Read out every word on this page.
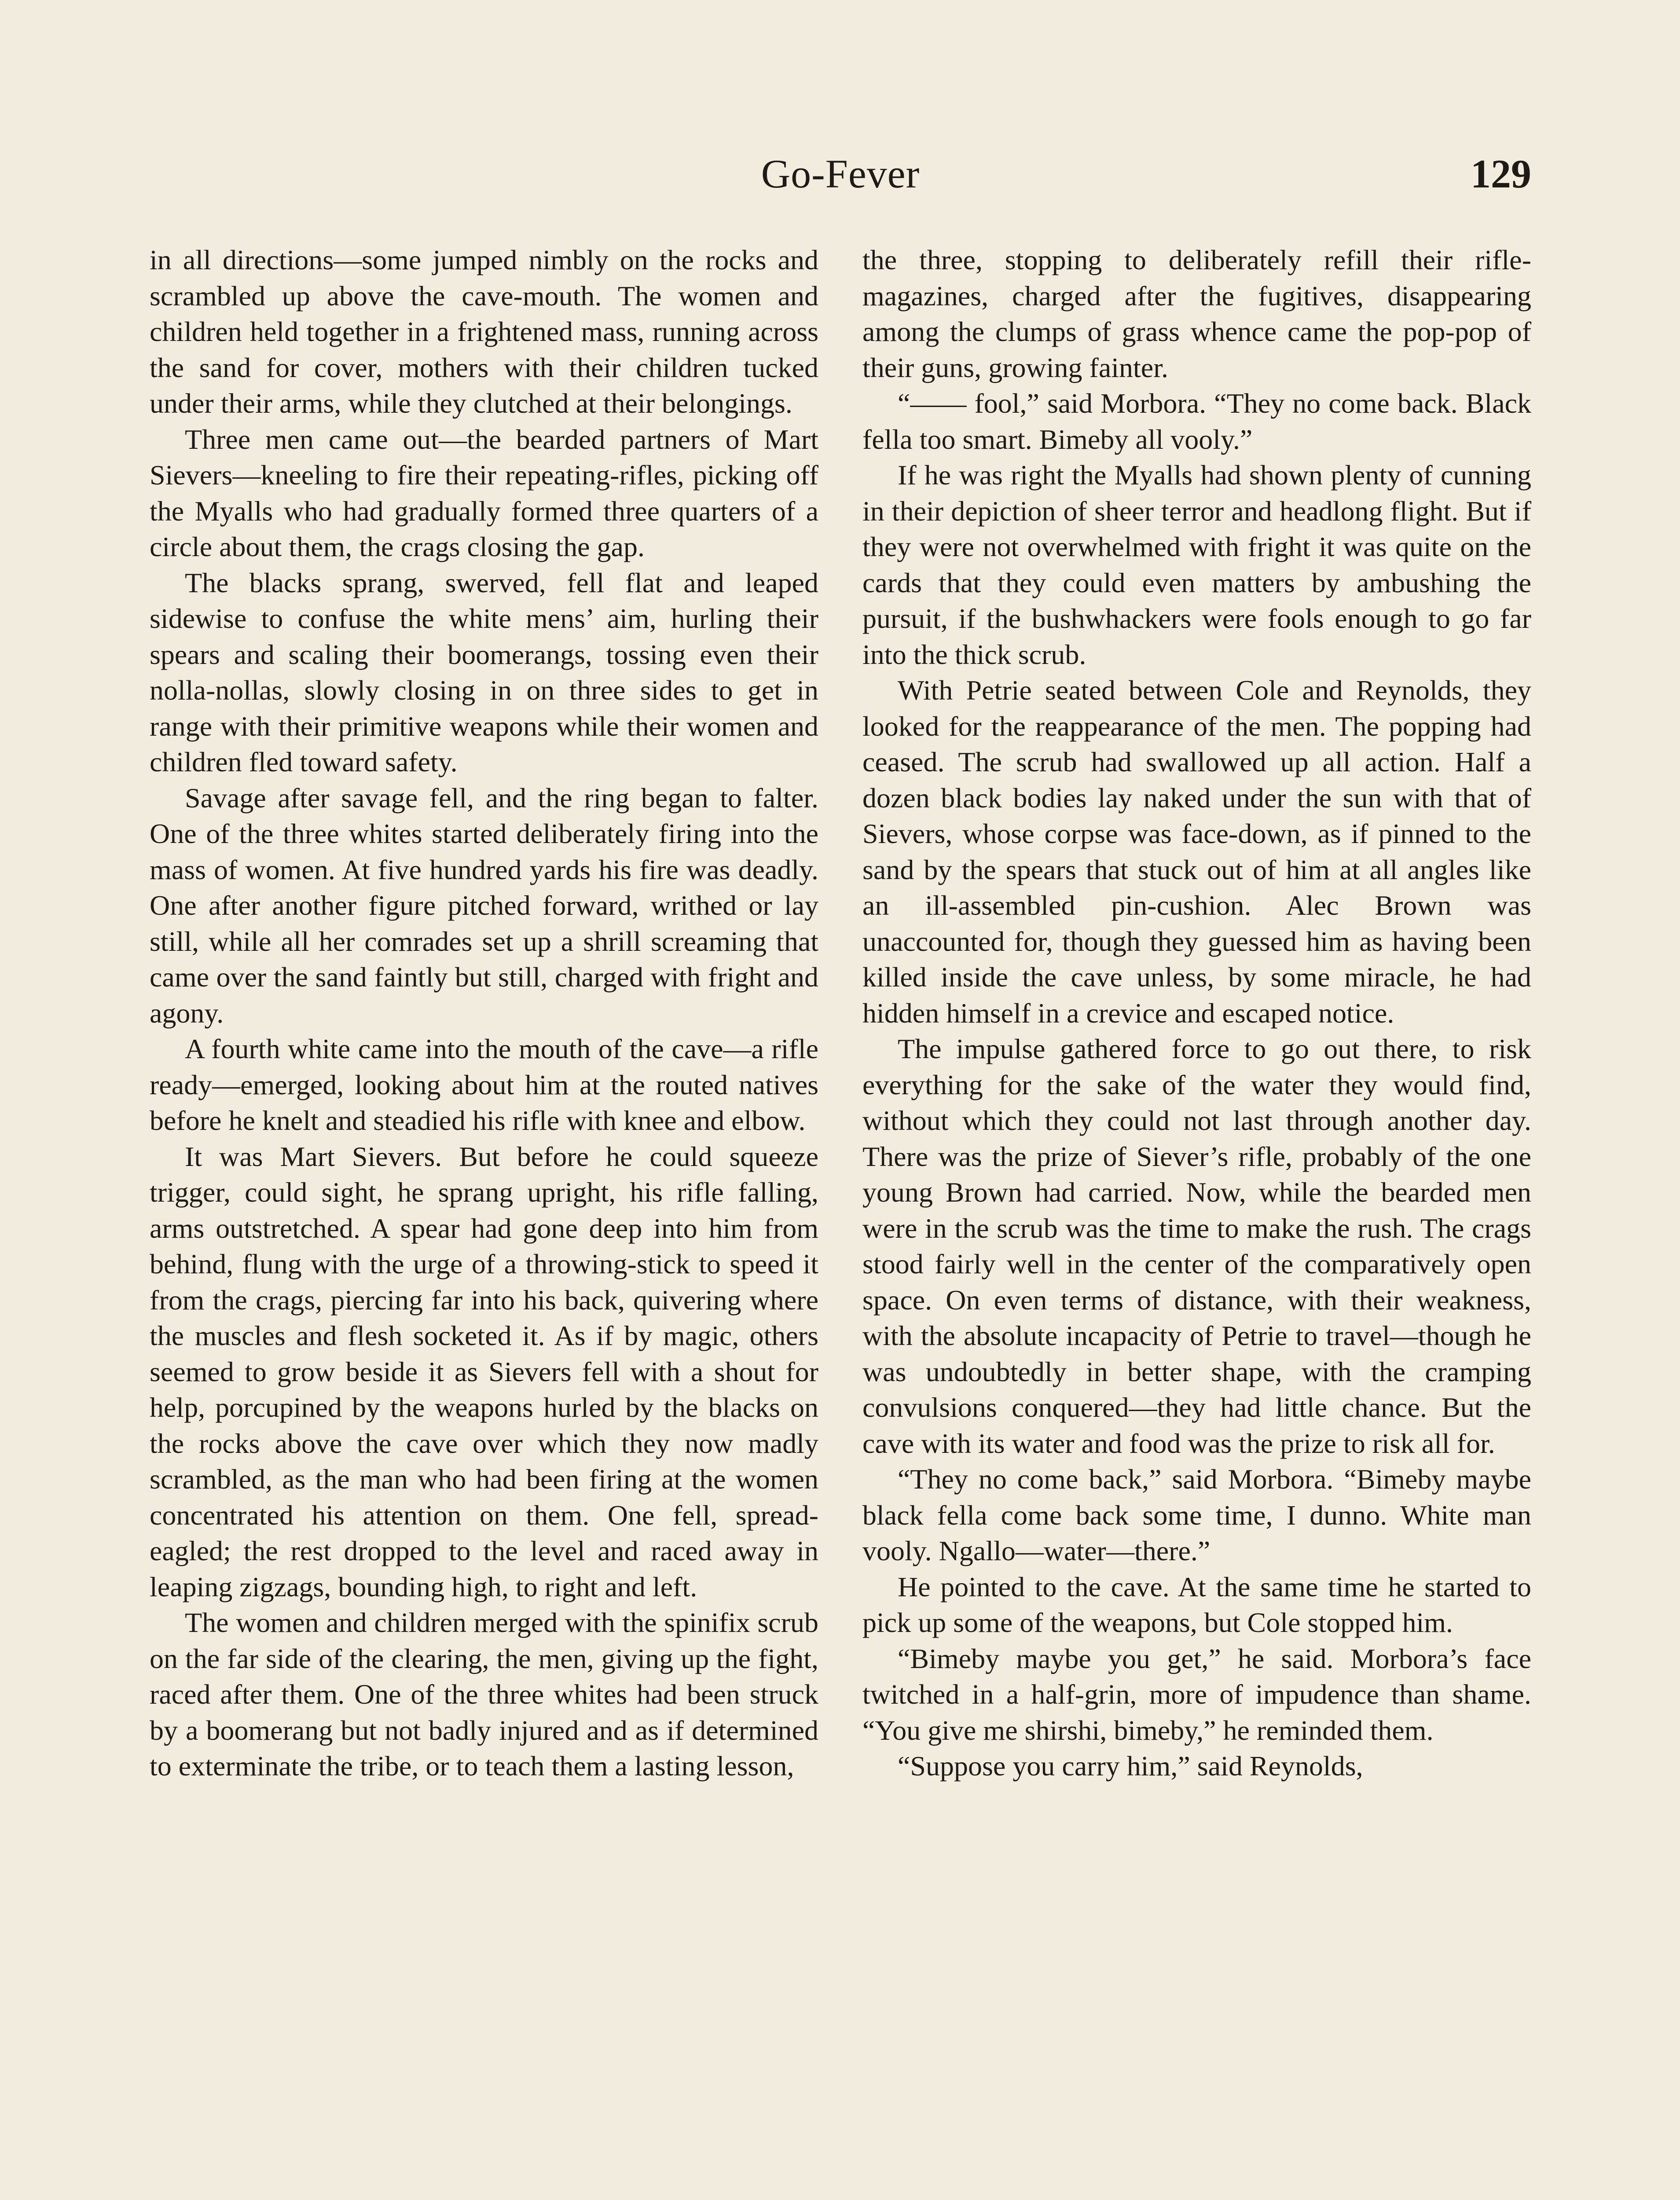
Go-Fever	129

in all directions—some jumped nimbly on the rocks and scrambled up above the cave-mouth. The women and children held together in a frightened mass, running across the sand for cover, mothers with their children tucked under their arms, while they clutched at their belongings.

Three men came out—the bearded partners of Mart Sievers—kneeling to fire their repeating-rifles, picking off the Myalls who had gradually formed three quarters of a circle about them, the crags closing the gap.

The blacks sprang, swerved, fell flat and leaped sidewise to confuse the white mens’ aim, hurling their spears and scaling their boomerangs, tossing even their nolla-nollas, slowly closing in on three sides to get in range with their primitive weapons while their women and children fled toward safety.

Savage after savage fell, and the ring began to falter. One of the three whites started deliberately firing into the mass of women. At five hundred yards his fire was deadly. One after another figure pitched forward, writhed or lay still, while all her comrades set up a shrill screaming that came over the sand faintly but still, charged with fright and agony.

A fourth white came into the mouth of the cave—a rifle ready—emerged, looking about him at the routed natives before he knelt and steadied his rifle with knee and elbow.

It was Mart Sievers. But before he could squeeze trigger, could sight, he sprang upright, his rifle falling, arms outstretched. A spear had gone deep into him from behind, flung with the urge of a throwing-stick to speed it from the crags, piercing far into his back, quivering where the muscles and flesh socketed it. As if by magic, others seemed to grow beside it as Sievers fell with a shout for help, porcupined by the weapons hurled by the blacks on the rocks above the cave over which they now madly scrambled, as the man who had been firing at the women concentrated his attention on them. One fell, spread-eagled; the rest dropped to the level and raced away in leaping zigzags, bounding high, to right and left.

The women and children merged with the spinifix scrub on the far side of the clearing, the men, giving up the fight, raced after them. One of the three whites had been struck by a boomerang but not badly injured and as if determined to exterminate the tribe, or to teach them a lasting lesson,

the three, stopping to deliberately refill their rifle-magazines, charged after the fugitives, disappearing among the clumps of grass whence came the pop-pop of their guns, growing fainter.

“—— fool,” said Morbora. “They no come back. Black fella too smart. Bimeby all vooly.”

If he was right the Myalls had shown plenty of cunning in their depiction of sheer terror and headlong flight. But if they were not overwhelmed with fright it was quite on the cards that they could even matters by ambushing the pursuit, if the bushwhackers were fools enough to go far into the thick scrub.

With Petrie seated between Cole and Reynolds, they looked for the reappearance of the men. The popping had ceased. The scrub had swallowed up all action. Half a dozen black bodies lay naked under the sun with that of Sievers, whose corpse was face-down, as if pinned to the sand by the spears that stuck out of him at all angles like an ill-assembled pin-cushion. Alec Brown was unaccounted for, though they guessed him as having been killed inside the cave unless, by some miracle, he had hidden himself in a crevice and escaped notice.

The impulse gathered force to go out there, to risk everything for the sake of the water they would find, without which they could not last through another day. There was the prize of Siever’s rifle, probably of the one young Brown had carried. Now, while the bearded men were in the scrub was the time to make the rush. The crags stood fairly well in the center of the comparatively open space. On even terms of distance, with their weakness, with the absolute incapacity of Petrie to travel—though he was undoubtedly in better shape, with the cramping convulsions conquered—they had little chance. But the cave with its water and food was the prize to risk all for.

“They no come back,” said Morbora. “Bimeby maybe black fella come back some time, I dunno. White man vooly. Ngallo—water—there.”

He pointed to the cave. At the same time he started to pick up some of the weapons, but Cole stopped him.

“Bimeby maybe you get,” he said. Morbora’s face twitched in a half-grin, more of impudence than shame. “You give me shirshi, bimeby,” he reminded them.

“Suppose you carry him,” said Reynolds,
